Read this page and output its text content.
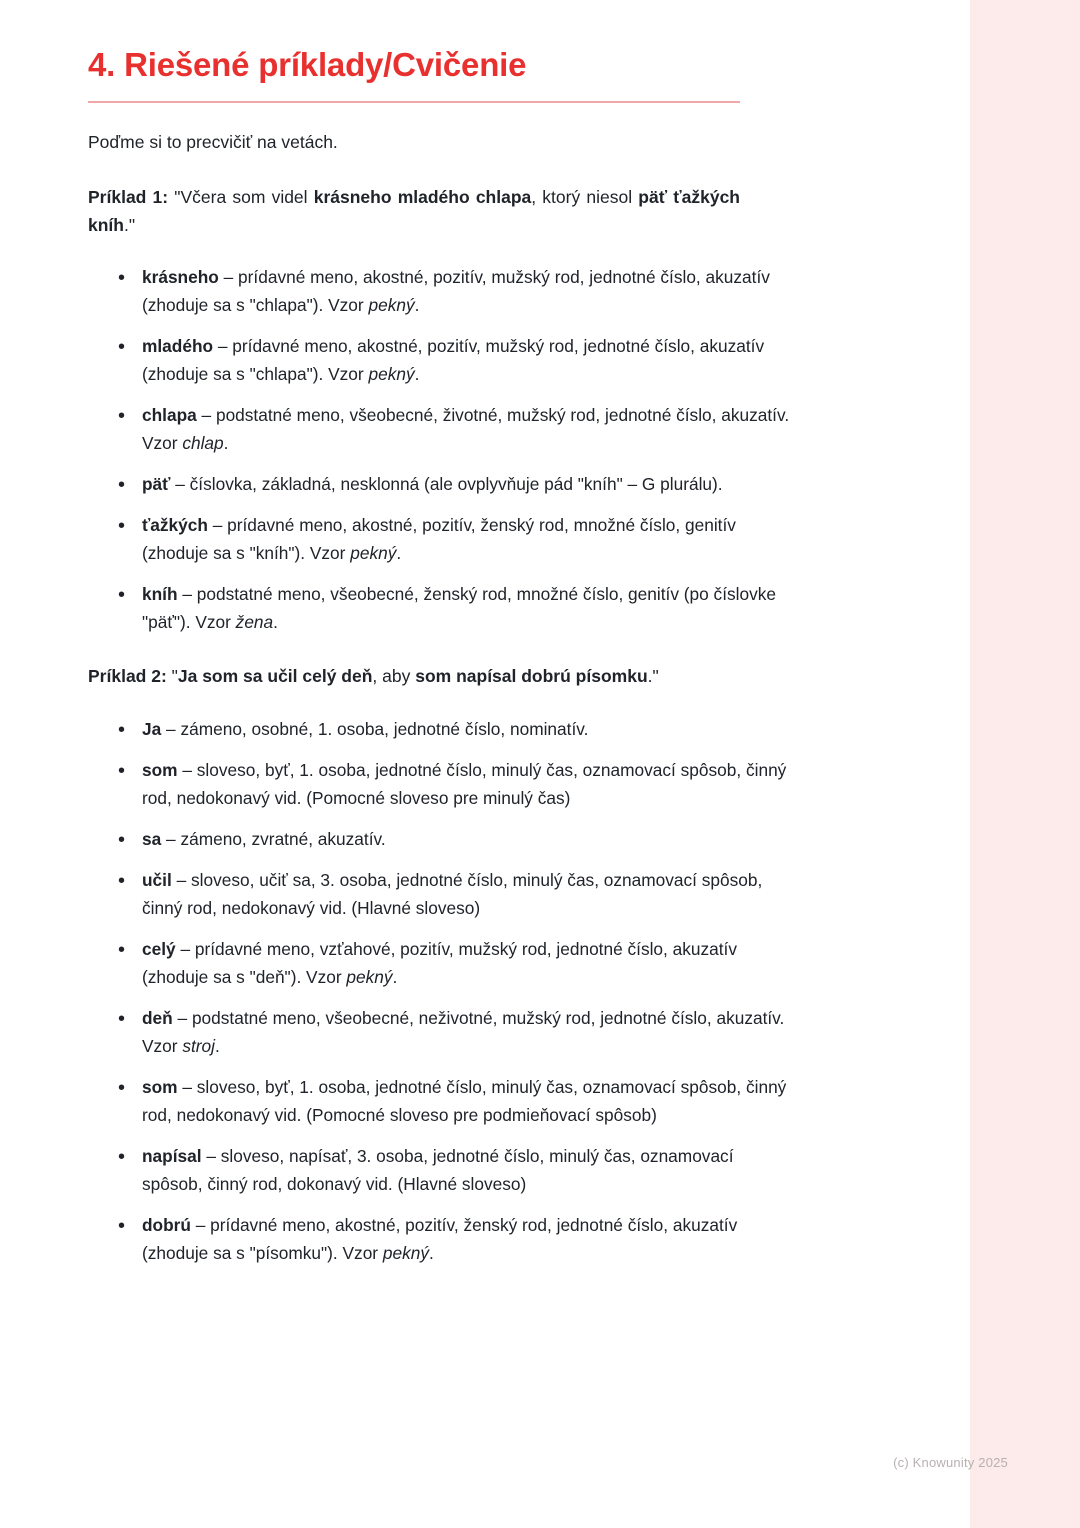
4. Riešené príklady/Cvičenie

Poďme si to precvičiť na vetách.

Príklad 1: "Včera som videl krásneho mladého chlapa, ktorý niesol päť ťažkých kníh."

• krásneho – prídavné meno, akostné, pozitív, mužský rod, jednotné číslo, akuzatív (zhoduje sa s "chlapa"). Vzor pekný.
• mladého – prídavné meno, akostné, pozitív, mužský rod, jednotné číslo, akuzatív (zhoduje sa s "chlapa"). Vzor pekný.
• chlapa – podstatné meno, všeobecné, životné, mužský rod, jednotné číslo, akuzatív. Vzor chlap.
• päť – číslovka, základná, nesklonná (ale ovplyvňuje pád "kníh" – G plurálu).
• ťažkých – prídavné meno, akostné, pozitív, ženský rod, množné číslo, genitív (zhoduje sa s "kníh"). Vzor pekný.
• kníh – podstatné meno, všeobecné, ženský rod, množné číslo, genitív (po číslovke "päť"). Vzor žena.

Príklad 2: "Ja som sa učil celý deň, aby som napísal dobrú písomku."

• Ja – zámeno, osobné, 1. osoba, jednotné číslo, nominatív.
• som – sloveso, byť, 1. osoba, jednotné číslo, minulý čas, oznamovací spôsob, činný rod, nedokonavý vid. (Pomocné sloveso pre minulý čas)
• sa – zámeno, zvratné, akuzatív.
• učil – sloveso, učiť sa, 3. osoba, jednotné číslo, minulý čas, oznamovací spôsob, činný rod, nedokonavý vid. (Hlavné sloveso)
• celý – prídavné meno, vzťahové, pozitív, mužský rod, jednotné číslo, akuzatív (zhoduje sa s "deň"). Vzor pekný.
• deň – podstatné meno, všeobecné, neživotné, mužský rod, jednotné číslo, akuzatív. Vzor stroj.
• som – sloveso, byť, 1. osoba, jednotné číslo, minulý čas, oznamovací spôsob, činný rod, nedokonavý vid. (Pomocné sloveso pre podmieňovací spôsob)
• napísal – sloveso, napísať, 3. osoba, jednotné číslo, minulý čas, oznamovací spôsob, činný rod, dokonavý vid. (Hlavné sloveso)
• dobrú – prídavné meno, akostné, pozitív, ženský rod, jednotné číslo, akuzatív (zhoduje sa s "písomku"). Vzor pekný.
(c) Knowunity 2025
